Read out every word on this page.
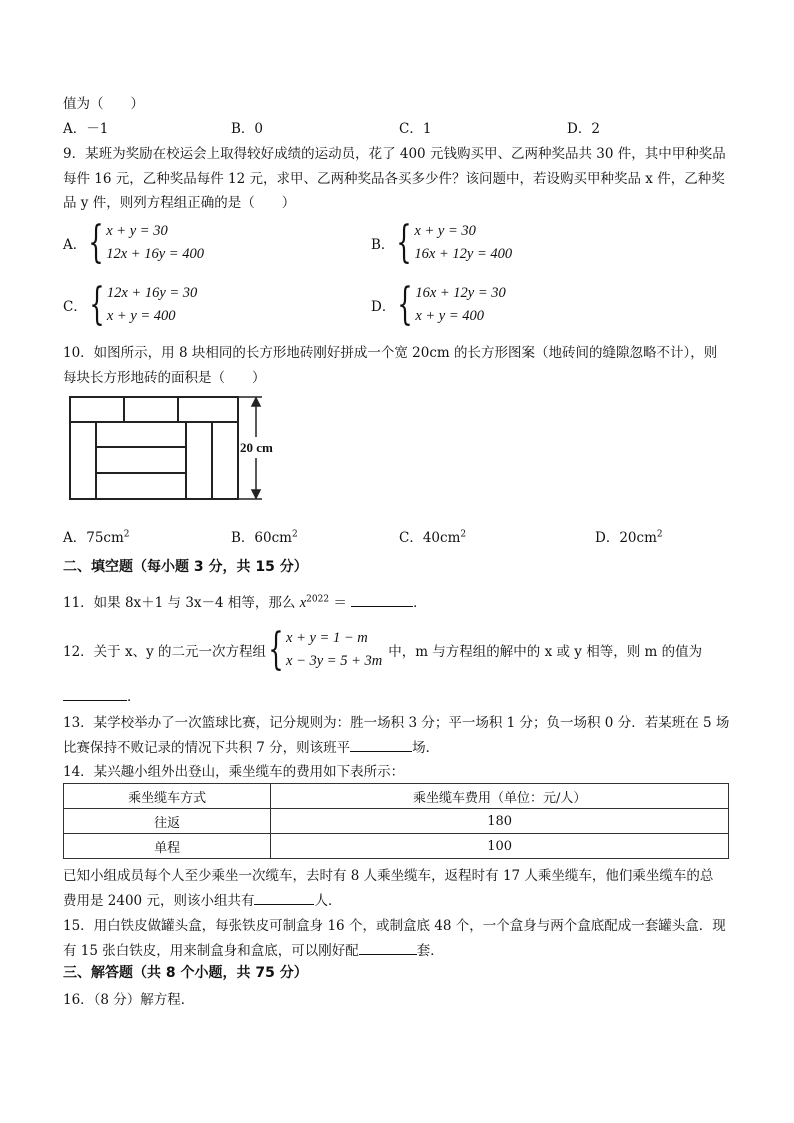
值为（　　）
A．－1	B．0	C．1	D．2
9．某班为奖励在校运会上取得较好成绩的运动员，花了 400 元钱购买甲、乙两种奖品共 30 件，其中甲种奖品
每件 16 元，乙种奖品每件 12 元，求甲、乙两种奖品各买多少件？该问题中，若设购买甲种奖品 x 件，乙种奖
品 y 件，则列方程组正确的是（　　）
A． { x + y = 30
12x + 16y = 400
B． { x + y = 30
16x + 12y = 400
C． { 12x + 16y = 30
x + y = 400
D． { 16x + 12y = 30
x + y = 400
10．如图所示，用 8 块相同的长方形地砖刚好拼成一个宽 20cm 的长方形图案（地砖间的缝隙忽略不计），则
每块长方形地砖的面积是（　　）
20 cm
A．$75cm^2$	B．$60cm^2$	C．$40cm^2$	D．$20cm^2$
二、填空题（每小题 3 分，共 15 分）
11．如果 8x＋1 与 3x－4 相等，那么 $x^{2022}$ ＝	．
12．关于 x、y 的二元一次方程组 { x + y = 1 − m
x − 3y = 5 + 3m
中，m 与方程组的解中的 x 或 y 相等，则 m 的值为
．
13．某学校举办了一次篮球比赛，记分规则为：胜一场积 3 分；平一场积 1 分；负一场积 0 分．若某班在 5 场
比赛保持不败记录的情况下共积 7 分，则该班平	场．
14．某兴趣小组外出登山，乘坐缆车的费用如下表所示：
乘坐缆车方式	乘坐缆车费用（单位：元/人）
往返	180
单程	100
已知小组成员每个人至少乘坐一次缆车，去时有 8 人乘坐缆车，返程时有 17 人乘坐缆车，他们乘坐缆车的总
费用是 2400 元，则该小组共有	人．
15．用白铁皮做罐头盒，每张铁皮可制盒身 16 个，或制盒底 48 个，一个盒身与两个盒底配成一套罐头盒．现
有 15 张白铁皮，用来制盒身和盒底，可以刚好配	套．
三、解答题（共 8 个小题，共 75 分）
16．（8 分）解方程．
